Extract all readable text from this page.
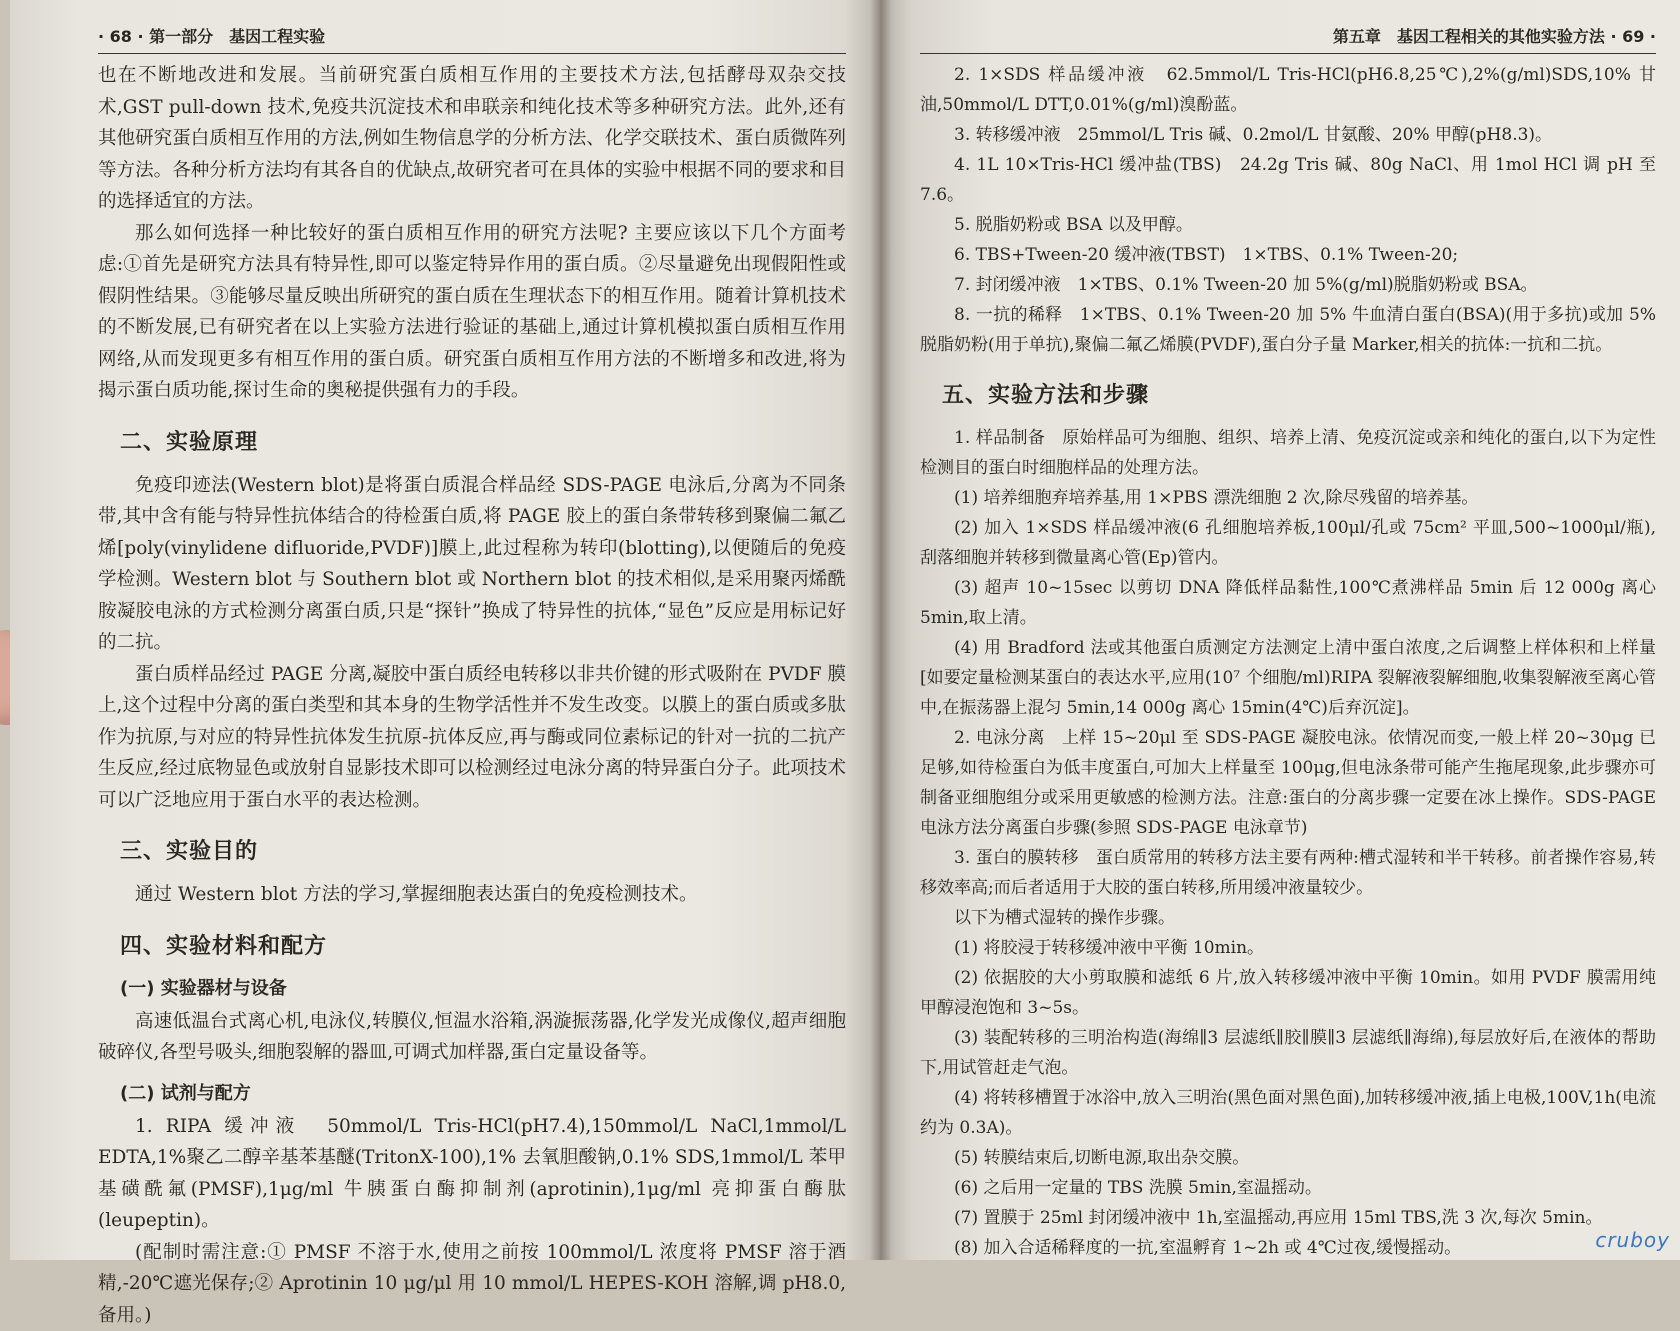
· 68 · 第一部分　基因工程实验

也在不断地改进和发展。当前研究蛋白质相互作用的主要技术方法,包括酵母双杂交技术,GST pull-down 技术,免疫共沉淀技术和串联亲和纯化技术等多种研究方法。此外,还有其他研究蛋白质相互作用的方法,例如生物信息学的分析方法、化学交联技术、蛋白质微阵列等方法。各种分析方法均有其各自的优缺点,故研究者可在具体的实验中根据不同的要求和目的选择适宜的方法。

那么如何选择一种比较好的蛋白质相互作用的研究方法呢? 主要应该以下几个方面考虑:①首先是研究方法具有特异性,即可以鉴定特异作用的蛋白质。②尽量避免出现假阳性或假阴性结果。③能够尽量反映出所研究的蛋白质在生理状态下的相互作用。随着计算机技术的不断发展,已有研究者在以上实验方法进行验证的基础上,通过计算机模拟蛋白质相互作用网络,从而发现更多有相互作用的蛋白质。研究蛋白质相互作用方法的不断增多和改进,将为揭示蛋白质功能,探讨生命的奥秘提供强有力的手段。

二、实验原理

免疫印迹法(Western blot)是将蛋白质混合样品经 SDS-PAGE 电泳后,分离为不同条带,其中含有能与特异性抗体结合的待检蛋白质,将 PAGE 胶上的蛋白条带转移到聚偏二氟乙烯[poly(vinylidene difluoride,PVDF)]膜上,此过程称为转印(blotting),以便随后的免疫学检测。Western blot 与 Southern blot 或 Northern blot 的技术相似,是采用聚丙烯酰胺凝胶电泳的方式检测分离蛋白质,只是“探针”换成了特异性的抗体,“显色”反应是用标记好的二抗。

蛋白质样品经过 PAGE 分离,凝胶中蛋白质经电转移以非共价键的形式吸附在 PVDF 膜上,这个过程中分离的蛋白类型和其本身的生物学活性并不发生改变。以膜上的蛋白质或多肽作为抗原,与对应的特异性抗体发生抗原-抗体反应,再与酶或同位素标记的针对一抗的二抗产生反应,经过底物显色或放射自显影技术即可以检测经过电泳分离的特异蛋白分子。此项技术可以广泛地应用于蛋白水平的表达检测。

三、实验目的

通过 Western blot 方法的学习,掌握细胞表达蛋白的免疫检测技术。

四、实验材料和配方
(一) 实验器材与设备

高速低温台式离心机,电泳仪,转膜仪,恒温水浴箱,涡漩振荡器,化学发光成像仪,超声细胞破碎仪,各型号吸头,细胞裂解的器皿,可调式加样器,蛋白定量设备等。

(二) 试剂与配方

1. RIPA 缓冲液　50mmol/L Tris-HCl(pH7.4),150mmol/L NaCl,1mmol/L EDTA,1%聚乙二醇辛基苯基醚(TritonX-100),1% 去氧胆酸钠,0.1% SDS,1mmol/L 苯甲基磺酰氟(PMSF),1μg/ml 牛胰蛋白酶抑制剂(aprotinin),1μg/ml 亮抑蛋白酶肽(leupeptin)。

(配制时需注意:① PMSF 不溶于水,使用之前按 100mmol/L 浓度将 PMSF 溶于酒精,-20℃遮光保存;② Aprotinin 10 μg/μl 用 10 mmol/L HEPES-KOH 溶解,调 pH8.0,备用。)

第五章　基因工程相关的其他实验方法 · 69 ·

2. 1×SDS 样品缓冲液　62.5mmol/L Tris-HCl(pH6.8,25℃),2%(g/ml)SDS,10% 甘油,50mmol/L DTT,0.01%(g/ml)溴酚蓝。

3. 转移缓冲液　25mmol/L Tris 碱、0.2mol/L 甘氨酸、20% 甲醇(pH8.3)。

4. 1L 10×Tris-HCl 缓冲盐(TBS)　24.2g Tris 碱、80g NaCl、用 1mol HCl 调 pH 至 7.6。

5. 脱脂奶粉或 BSA 以及甲醇。

6. TBS+Tween-20 缓冲液(TBST)　1×TBS、0.1% Tween-20;

7. 封闭缓冲液　1×TBS、0.1% Tween-20 加 5%(g/ml)脱脂奶粉或 BSA。

8. 一抗的稀释　1×TBS、0.1% Tween-20 加 5% 牛血清白蛋白(BSA)(用于多抗)或加 5% 脱脂奶粉(用于单抗),聚偏二氟乙烯膜(PVDF),蛋白分子量 Marker,相关的抗体:一抗和二抗。

五、实验方法和步骤

1. 样品制备　原始样品可为细胞、组织、培养上清、免疫沉淀或亲和纯化的蛋白,以下为定性检测目的蛋白时细胞样品的处理方法。

(1) 培养细胞弃培养基,用 1×PBS 漂洗细胞 2 次,除尽残留的培养基。

(2) 加入 1×SDS 样品缓冲液(6 孔细胞培养板,100μl/孔或 75cm² 平皿,500~1000μl/瓶),刮落细胞并转移到微量离心管(Ep)管内。

(3) 超声 10~15sec 以剪切 DNA 降低样品黏性,100℃煮沸样品 5min 后 12 000g 离心 5min,取上清。

(4) 用 Bradford 法或其他蛋白质测定方法测定上清中蛋白浓度,之后调整上样体积和上样量[如要定量检测某蛋白的表达水平,应用(10⁷ 个细胞/ml)RIPA 裂解液裂解细胞,收集裂解液至离心管中,在振荡器上混匀 5min,14 000g 离心 15min(4℃)后弃沉淀]。

2. 电泳分离　上样 15~20μl 至 SDS-PAGE 凝胶电泳。依情况而变,一般上样 20~30μg 已足够,如待检蛋白为低丰度蛋白,可加大上样量至 100μg,但电泳条带可能产生拖尾现象,此步骤亦可制备亚细胞组分或采用更敏感的检测方法。注意:蛋白的分离步骤一定要在冰上操作。SDS-PAGE 电泳方法分离蛋白步骤(参照 SDS-PAGE 电泳章节)

3. 蛋白的膜转移　蛋白质常用的转移方法主要有两种:槽式湿转和半干转移。前者操作容易,转移效率高;而后者适用于大胶的蛋白转移,所用缓冲液量较少。

以下为槽式湿转的操作步骤。

(1) 将胶浸于转移缓冲液中平衡 10min。

(2) 依据胶的大小剪取膜和滤纸 6 片,放入转移缓冲液中平衡 10min。如用 PVDF 膜需用纯甲醇浸泡饱和 3~5s。

(3) 装配转移的三明治构造(海绵∥3 层滤纸∥胶∥膜∥3 层滤纸∥海绵),每层放好后,在液体的帮助下,用试管赶走气泡。

(4) 将转移槽置于冰浴中,放入三明治(黑色面对黑色面),加转移缓冲液,插上电极,100V,1h(电流约为 0.3A)。

(5) 转膜结束后,切断电源,取出杂交膜。

(6) 之后用一定量的 TBS 洗膜 5min,室温摇动。

(7) 置膜于 25ml 封闭缓冲液中 1h,室温摇动,再应用 15ml TBS,洗 3 次,每次 5min。

(8) 加入合适稀释度的一抗,室温孵育 1~2h 或 4℃过夜,缓慢摇动。	cruboy
